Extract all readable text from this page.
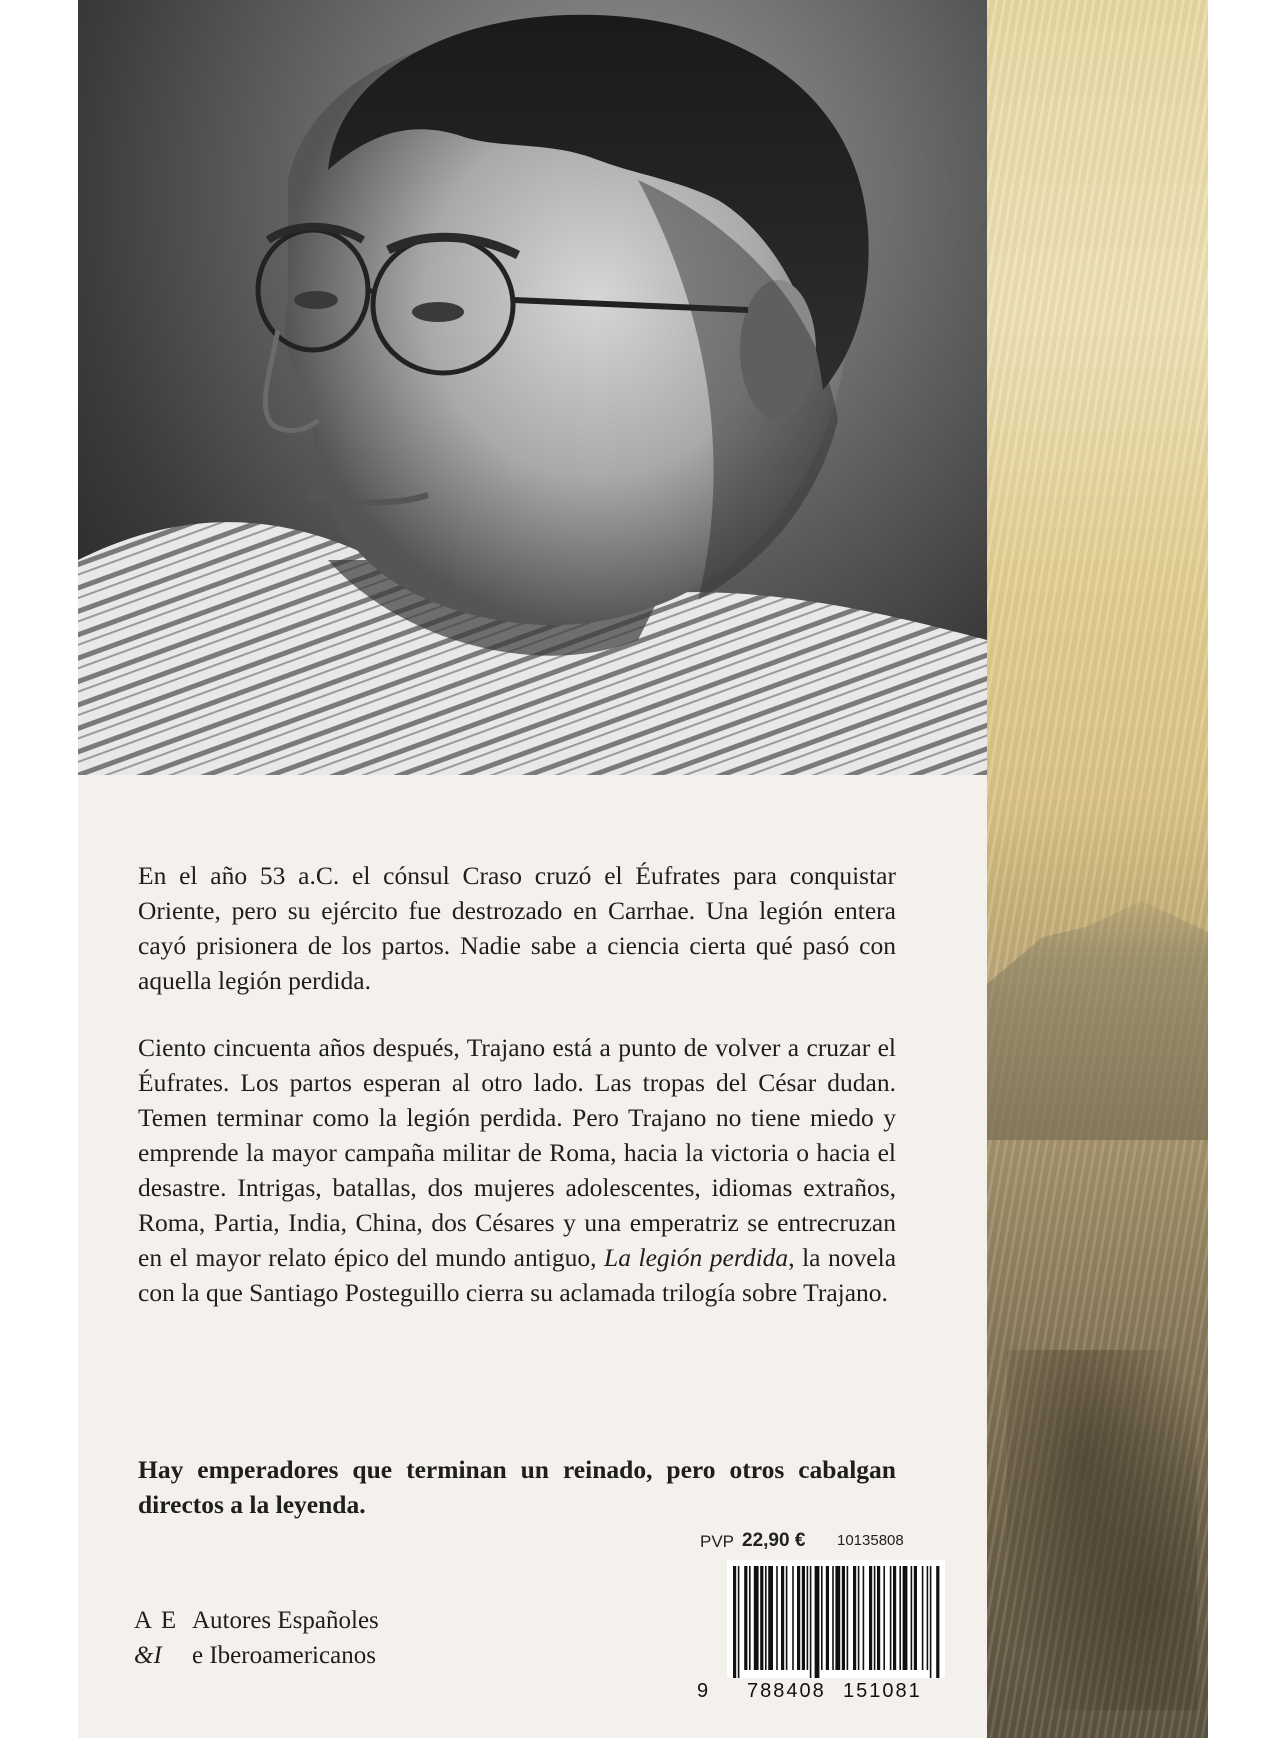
En el año 53 a.C. el cónsul Craso cruzó el Éufrates para conquistar Oriente, pero su ejército fue destrozado en Carrhae. Una legión entera cayó prisionera de los partos. Nadie sabe a ciencia cierta qué pasó con aquella legión perdida.
Ciento cincuenta años después, Trajano está a punto de volver a cruzar el Éufrates. Los partos esperan al otro lado. Las tropas del César dudan. Temen terminar como la legión perdida. Pero Trajano no tiene miedo y emprende la mayor campaña militar de Roma, hacia la victoria o hacia el desastre. Intrigas, batallas, dos mujeres adolescentes, idiomas extraños, Roma, Partia, India, China, dos Césares y una emperatriz se entrecruzan en el mayor relato épico del mundo antiguo, La legión perdida, la novela con la que Santiago Posteguillo cierra su aclamada trilogía sobre Trajano.
Hay emperadores que terminan un reinado, pero otros cabalgan directos a la leyenda.
PVP 22,90 € 10135808
9 788408 151081
A E
&I
Autores Españoles
e Iberoamericanos
